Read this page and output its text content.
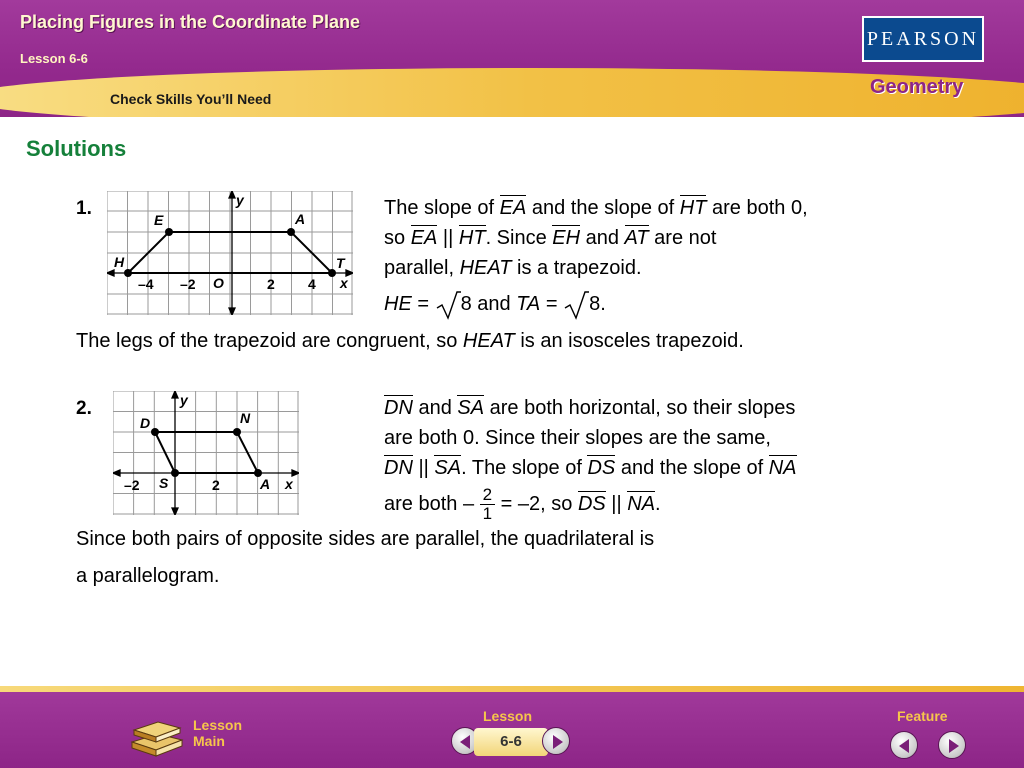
Placing Figures in the Coordinate Plane
Lesson 6-6
Check Skills You’ll Need
PEARSON
Geometry
Solutions
1.
E	A
H	T
O
y
x
–4 –2	2 4
The slope of EA and the slope of HT are both 0,
so EA || HT. Since EH and AT are not
parallel, HEAT is a trapezoid.
HE = 8 and TA = 8.
The legs of the trapezoid are congruent, so HEAT is an isosceles trapezoid.
2.
D	N
S	A
y
x
–2	2
DN and SA are both horizontal, so their slopes
are both 0. Since their slopes are the same,
DN || SA. The slope of DS and the slope of NA
are both – $\frac{2}{1} = -2$, so DS || NA.
Since both pairs of opposite sides are parallel, the quadrilateral is
a parallelogram.
Lesson
Main
Lesson
6-6
Feature
